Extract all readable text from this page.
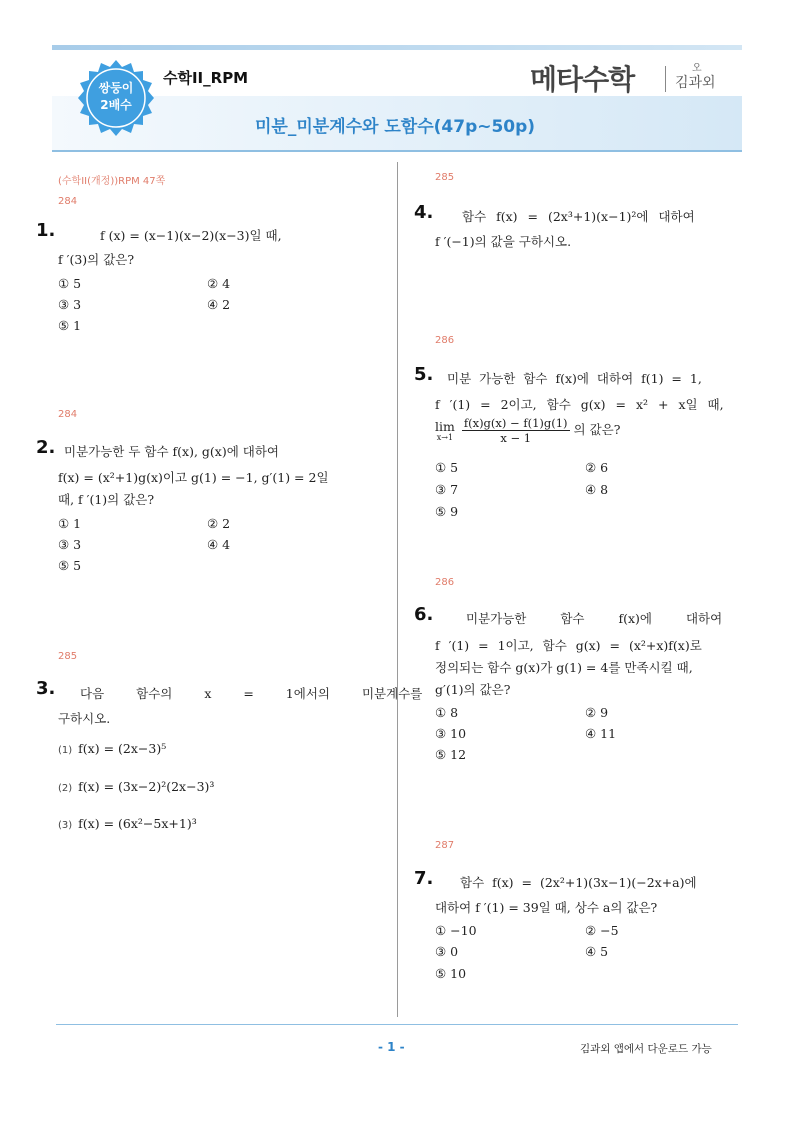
쌍둥이
2배수
수학II_RPM
미분_미분계수와 도함수(47p~50p)
메타수학	오
김과외
(수학II(개정))RPM 47쪽
284
1.	f (x) = (x−1)(x−2)(x−3)일 때,
f ′(3)의 값은?
① 5	② 4
③ 3	④ 2
⑤ 1
284
2. 미분가능한 두 함수 f(x), g(x)에 대하여
f(x) = (x²+1)g(x)이고 g(1) = −1, g′(1) = 2일
때, f ′(1)의 값은?
① 1	② 2
③ 3	④ 4
⑤ 5
285
3. 다음 함수의 x = 1에서의 미분계수를
구하시오.
(1) f(x) = (2x−3)⁵
(2) f(x) = (3x−2)²(2x−3)³
(3) f(x) = (6x²−5x+1)³
285
4. 함수 f(x) = (2x³+1)(x−1)²에 대하여
f ′(−1)의 값을 구하시오.
286
5. 미분 가능한 함수 f(x)에 대하여 f(1) = 1,
f ′(1) = 2이고, 함수 g(x) = x² + x일 때,
lim
x→1
$\frac{f(x)g(x) - f(1)g(1)}{x - 1}$ 의 값은?
① 5	② 6
③ 7	④ 8
⑤ 9
286
6.	미분가능한 함수 f(x)에 대하여
f ′(1) = 1이고, 함수 g(x) = (x²+x)f(x)로
정의되는 함수 g(x)가 g(1) = 4를 만족시킬 때,
g′(1)의 값은?
① 8	② 9
③ 10	④ 11
⑤ 12
287
7. 함수 f(x) = (2x²+1)(3x−1)(−2x+a)에
대하여 f ′(1) = 39일 때, 상수 a의 값은?
① −10	② −5
③ 0	④ 5
⑤ 10
- 1 -	김과외 앱에서 다운로드 가능
